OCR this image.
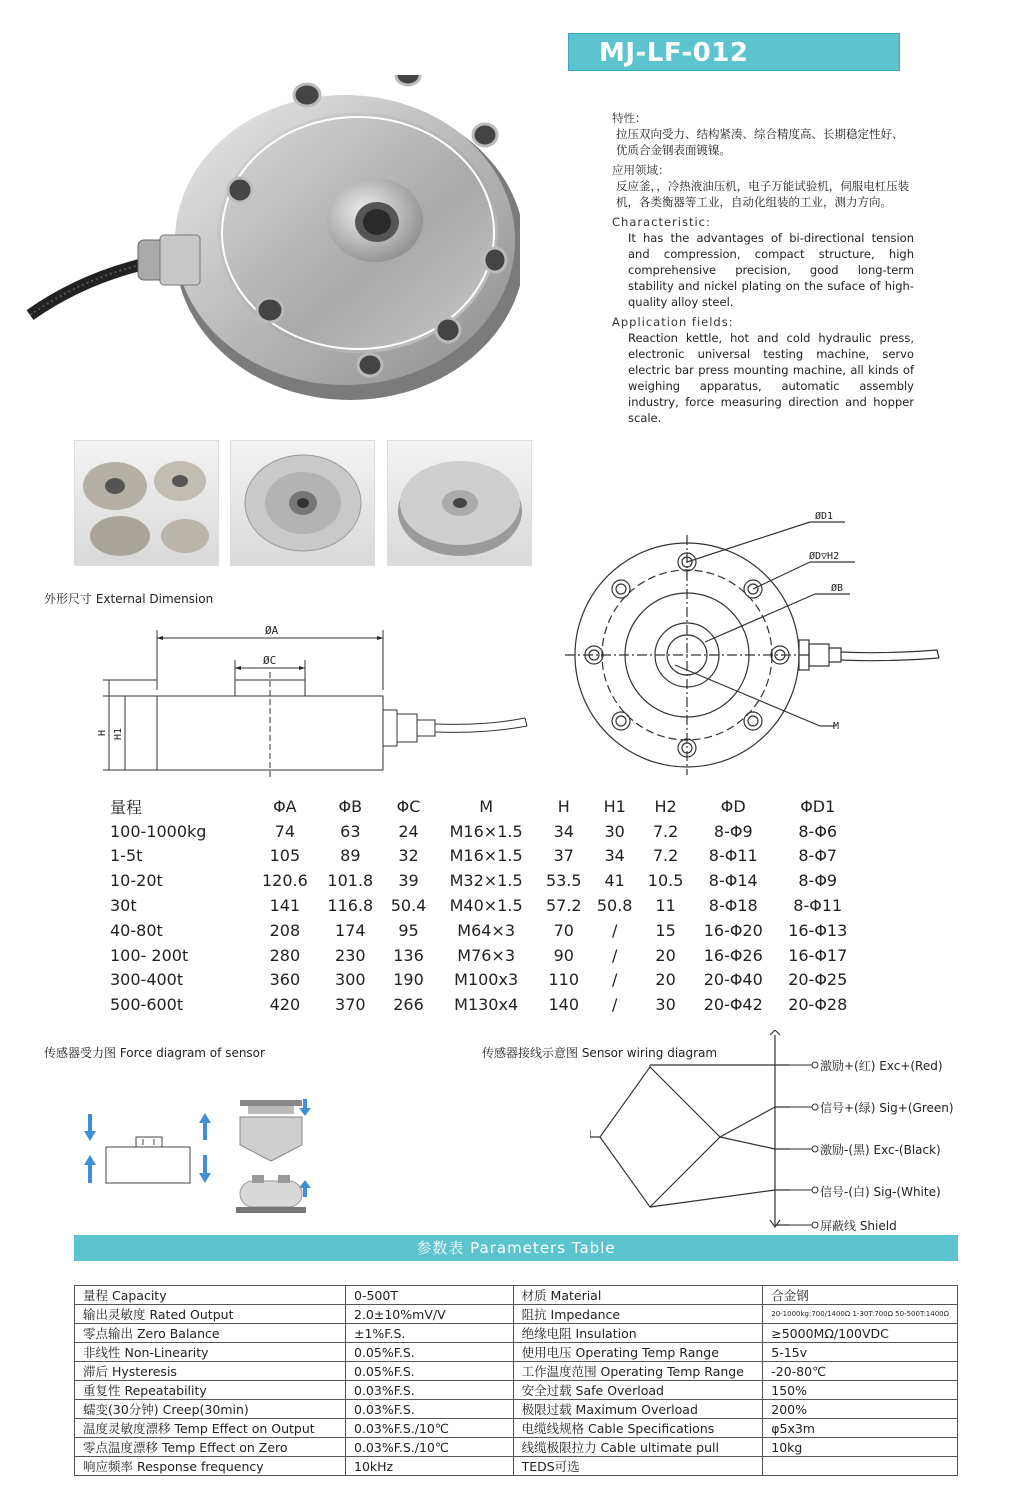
MJ-LF-012
特性：
拉压双向受力、结构紧凑、综合精度高、长期稳定性好、优质合金钢表面镀镍。
应用领域：
反应釜，，冷热液油压机，电子万能试验机，伺服电杠压装机，各类衡器等工业，自动化组装的工业，测力方向。
Characteristic:
It has the advantages of bi-directional tension and compression, compact structure, high comprehensive precision, good long-term stability and nickel plating on the suface of high-quality alloy steel.
Application fields:
Reaction kettle, hot and cold hydraulic press, electronic universal testing machine, servo electric bar press mounting machine, all kinds of weighing apparatus, automatic assembly industry, force measuring direction and hopper scale.
外形尺寸 External Dimension
ØA
ØC
H H1
ØD1
ØD▽H2
ØB
M
量程	ΦA	ΦB	ΦC	M	H	H1	H2	ΦD	ΦD1
100-1000kg	74	63	24	M16×1.5	34	30	7.2	8-Φ9	8-Φ6
1-5t	105	89	32	M16×1.5	37	34	7.2	8-Φ11	8-Φ7
10-20t	120.6	101.8	39	M32×1.5	53.5	41	10.5	8-Φ14	8-Φ9
30t	141	116.8	50.4	M40×1.5	57.2	50.8	11	8-Φ18	8-Φ11
40-80t	208	174	95	M64×3	70	/	15	16-Φ20	16-Φ13
100- 200t	280	230	136	M76×3	90	/	20	16-Φ26	16-Φ17
300-400t	360	300	190	M100x3	110	/	20	20-Φ40	20-Φ25
500-600t	420	370	266	M130x4	140	/	30	20-Φ42	20-Φ28
传感器受力图 Force diagram of sensor	传感器接线示意图 Sensor wiring diagram
激励+(红) Exc+(Red)
信号+(绿) Sig+(Green)
激励-(黑) Exc-(Black)
信号-(白) Sig-(White)
屏蔽线 Shield
参数表 Parameters Table
量程 Capacity	0-500T	材质 Material	合金钢
输出灵敏度 Rated Output	2.0±10%mV/V	阻抗 Impedance	20-1000kg:700/1400Ω 1-30T:700Ω 50-500T:1400Ω
零点输出 Zero Balance	±1%F.S.	绝缘电阻 Insulation	≥5000MΩ/100VDC
非线性 Non-Linearity	0.05%F.S.	使用电压 Operating Temp Range	5-15v
滞后 Hysteresis	0.05%F.S.	工作温度范围 Operating Temp Range	-20-80℃
重复性 Repeatability	0.03%F.S.	安全过载 Safe Overload	150%
蠕变(30分钟) Creep(30min)	0.03%F.S.	极限过载 Maximum Overload	200%
温度灵敏度漂移 Temp Effect on Output	0.03%F.S./10℃	电缆线规格 Cable Specifications	φ5x3m
零点温度漂移 Temp Effect on Zero	0.03%F.S./10℃	线缆极限拉力 Cable ultimate pull	10kg
响应频率 Response frequency	10kHz	TEDS可选	
